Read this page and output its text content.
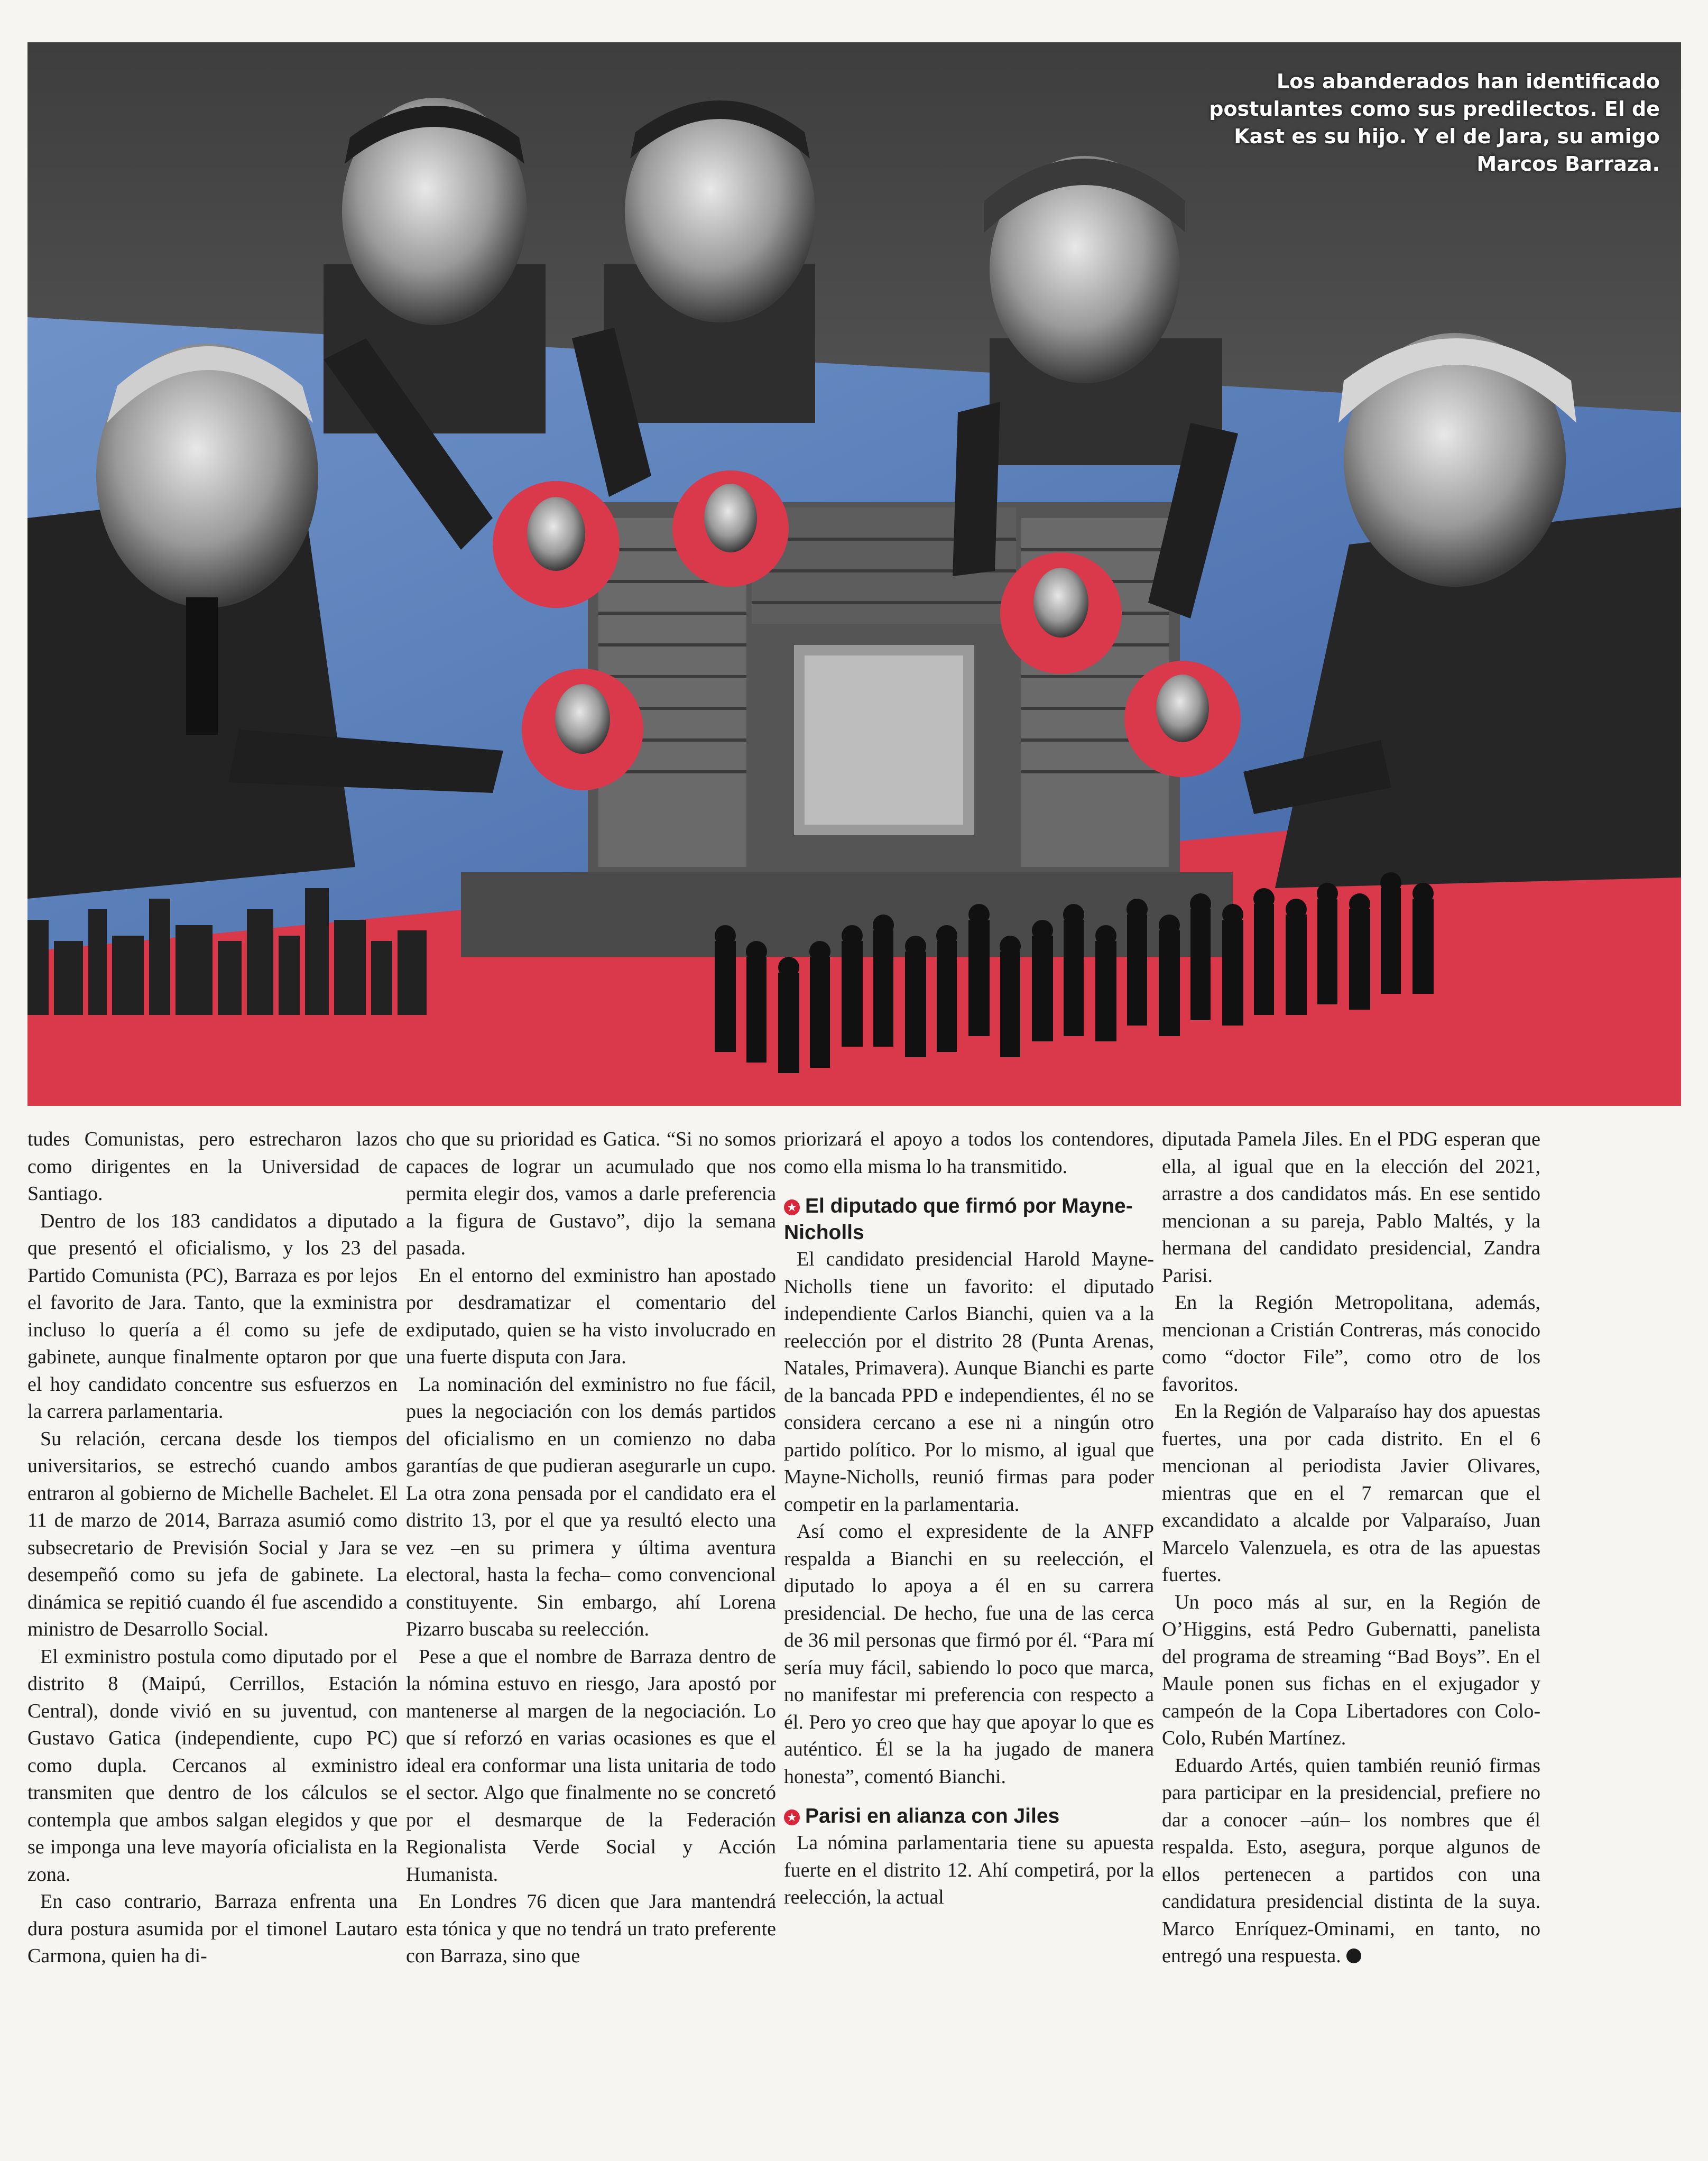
Los abanderados han identificado postulantes como sus predilectos. El de Kast es su hijo. Y el de Jara, su amigo Marcos Barraza.

tudes Comunistas, pero estrecharon lazos como dirigentes en la Universidad de Santiago.

Dentro de los 183 candidatos a diputado que presentó el oficialismo, y los 23 del Partido Comunista (PC), Barraza es por lejos el favorito de Jara. Tanto, que la exministra incluso lo quería a él como su jefe de gabinete, aunque finalmente optaron por que el hoy candidato concentre sus esfuerzos en la carrera parlamentaria.

Su relación, cercana desde los tiempos universitarios, se estrechó cuando ambos entraron al gobierno de Michelle Bachelet. El 11 de marzo de 2014, Barraza asumió como subsecretario de Previsión Social y Jara se desempeñó como su jefa de gabinete. La dinámica se repitió cuando él fue ascendido a ministro de Desarrollo Social.

El exministro postula como diputado por el distrito 8 (Maipú, Cerrillos, Estación Central), donde vivió en su juventud, con Gustavo Gatica (independiente, cupo PC) como dupla. Cercanos al exministro transmiten que dentro de los cálculos se contempla que ambos salgan elegidos y que se imponga una leve mayoría oficialista en la zona.

En caso contrario, Barraza enfrenta una dura postura asumida por el timonel Lautaro Carmona, quien ha di-

cho que su prioridad es Gatica. “Si no somos capaces de lograr un acumulado que nos permita elegir dos, vamos a darle preferencia a la figura de Gustavo”, dijo la semana pasada.

En el entorno del exministro han apostado por desdramatizar el comentario del exdiputado, quien se ha visto involucrado en una fuerte disputa con Jara.

La nominación del exministro no fue fácil, pues la negociación con los demás partidos del oficialismo en un comienzo no daba garantías de que pudieran asegurarle un cupo. La otra zona pensada por el candidato era el distrito 13, por el que ya resultó electo una vez –en su primera y última aventura electoral, hasta la fecha– como convencional constituyente. Sin embargo, ahí Lorena Pizarro buscaba su reelección.

Pese a que el nombre de Barraza dentro de la nómina estuvo en riesgo, Jara apostó por mantenerse al margen de la negociación. Lo que sí reforzó en varias ocasiones es que el ideal era conformar una lista unitaria de todo el sector. Algo que finalmente no se concretó por el desmarque de la Federación Regionalista Verde Social y Acción Humanista.

En Londres 76 dicen que Jara mantendrá esta tónica y que no tendrá un trato preferente con Barraza, sino que

priorizará el apoyo a todos los contendores, como ella misma lo ha transmitido.

★ El diputado que firmó por Mayne-Nicholls

El candidato presidencial Harold Mayne-Nicholls tiene un favorito: el diputado independiente Carlos Bianchi, quien va a la reelección por el distrito 28 (Punta Arenas, Natales, Primavera). Aunque Bianchi es parte de la bancada PPD e independientes, él no se considera cercano a ese ni a ningún otro partido político. Por lo mismo, al igual que Mayne-Nicholls, reunió firmas para poder competir en la parlamentaria.

Así como el expresidente de la ANFP respalda a Bianchi en su reelección, el diputado lo apoya a él en su carrera presidencial. De hecho, fue una de las cerca de 36 mil personas que firmó por él. “Para mí sería muy fácil, sabiendo lo poco que marca, no manifestar mi preferencia con respecto a él. Pero yo creo que hay que apoyar lo que es auténtico. Él se la ha jugado de manera honesta”, comentó Bianchi.

★ Parisi en alianza con Jiles

La nómina parlamentaria tiene su apuesta fuerte en el distrito 12. Ahí competirá, por la reelección, la actual

diputada Pamela Jiles. En el PDG esperan que ella, al igual que en la elección del 2021, arrastre a dos candidatos más. En ese sentido mencionan a su pareja, Pablo Maltés, y la hermana del candidato presidencial, Zandra Parisi.

En la Región Metropolitana, además, mencionan a Cristián Contreras, más conocido como “doctor File”, como otro de los favoritos.

En la Región de Valparaíso hay dos apuestas fuertes, una por cada distrito. En el 6 mencionan al periodista Javier Olivares, mientras que en el 7 remarcan que el excandidato a alcalde por Valparaíso, Juan Marcelo Valenzuela, es otra de las apuestas fuertes.

Un poco más al sur, en la Región de O’Higgins, está Pedro Gubernatti, panelista del programa de streaming “Bad Boys”. En el Maule ponen sus fichas en el exjugador y campeón de la Copa Libertadores con Colo-Colo, Rubén Martínez.

Eduardo Artés, quien también reunió firmas para participar en la presidencial, prefiere no dar a conocer –aún– los nombres que él respalda. Esto, asegura, porque algunos de ellos pertenecen a partidos con una candidatura presidencial distinta de la suya. Marco Enríquez-Ominami, en tanto, no entregó una respuesta.
